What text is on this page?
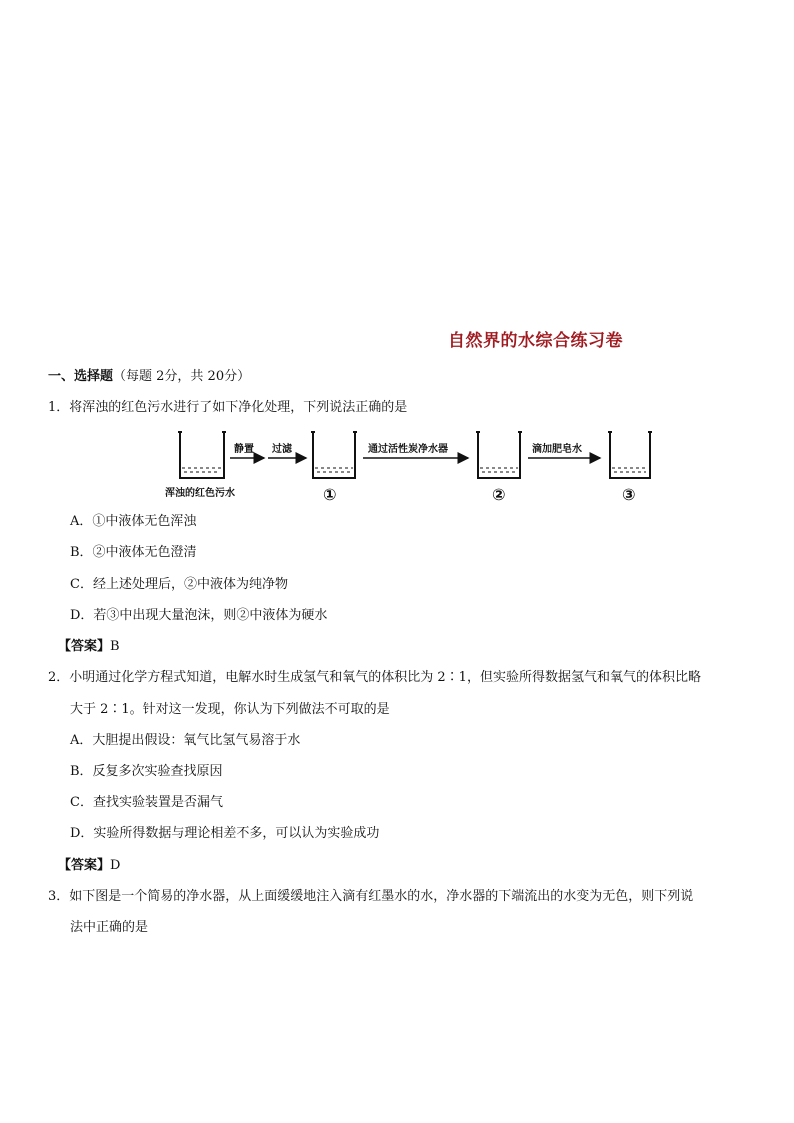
自然界的水综合练习卷
一、选择题（每题 2分，共 20分）
1．将浑浊的红色污水进行了如下净化处理，下列说法正确的是
浑浊的红色污水
静置 过滤
①
通过活性炭净水器
②
滴加肥皂水
③
A．①中液体无色浑浊
B．②中液体无色澄清
C．经上述处理后，②中液体为纯净物
D．若③中出现大量泡沫，则②中液体为硬水
【答案】B
2．小明通过化学方程式知道，电解水时生成氢气和氧气的体积比为 2∶1，但实验所得数据氢气和氧气的体积比略
大于 2∶1。针对这一发现，你认为下列做法不可取的是
A．大胆提出假设：氧气比氢气易溶于水
B．反复多次实验查找原因
C．查找实验装置是否漏气
D．实验所得数据与理论相差不多，可以认为实验成功
【答案】D
3．如下图是一个简易的净水器，从上面缓缓地注入滴有红墨水的水，净水器的下端流出的水变为无色，则下列说
法中正确的是
